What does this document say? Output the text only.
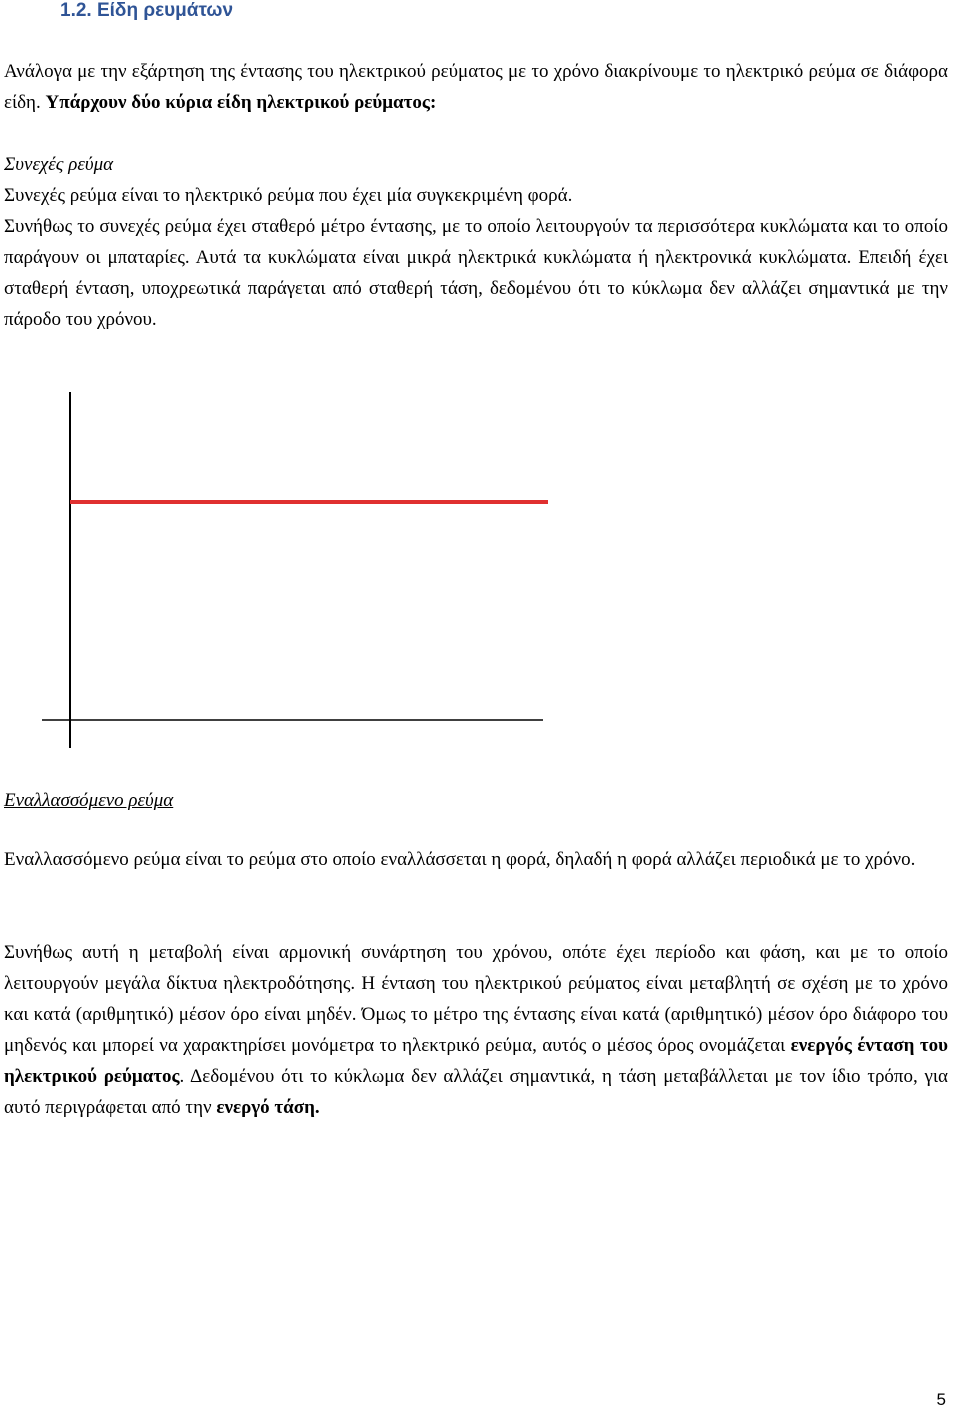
1.2. Είδη ρευμάτων

Ανάλογα με την εξάρτηση της έντασης του ηλεκτρικού ρεύματος με το χρόνο διακρίνουμε το ηλεκτρικό ρεύμα σε διάφορα είδη. Υπάρχουν δύο κύρια είδη ηλεκτρικού ρεύματος:

Συνεχές ρεύμα

Συνεχές ρεύμα είναι το ηλεκτρικό ρεύμα που έχει μία συγκεκριμένη φορά.

Συνήθως το συνεχές ρεύμα έχει σταθερό μέτρο έντασης, με το οποίο λειτουργούν τα περισσότερα κυκλώματα και το οποίο παράγουν οι μπαταρίες. Αυτά τα κυκλώματα είναι μικρά ηλεκτρικά κυκλώματα ή ηλεκτρονικά κυκλώματα. Επειδή έχει σταθερή ένταση, υποχρεωτικά παράγεται από σταθερή τάση, δεδομένου ότι το κύκλωμα δεν αλλάζει σημαντικά με την πάροδο του χρόνου.

Εναλλασσόμενο ρεύμα

Εναλλασσόμενο ρεύμα είναι το ρεύμα στο οποίο εναλλάσσεται η φορά, δηλαδή η φορά αλλάζει περιοδικά με το χρόνο.

Συνήθως αυτή η μεταβολή είναι αρμονική συνάρτηση του χρόνου, οπότε έχει περίοδο και φάση, και με το οποίο λειτουργούν μεγάλα δίκτυα ηλεκτροδότησης. Η ένταση του ηλεκτρικού ρεύματος είναι μεταβλητή σε σχέση με το χρόνο και κατά (αριθμητικό) μέσον όρο είναι μηδέν. Όμως το μέτρο της έντασης είναι κατά (αριθμητικό) μέσον όρο διάφορο του μηδενός και μπορεί να χαρακτηρίσει μονόμετρα το ηλεκτρικό ρεύμα, αυτός ο μέσος όρος ονομάζεται ενεργός ένταση του ηλεκτρικού ρεύματος. Δεδομένου ότι το κύκλωμα δεν αλλάζει σημαντικά, η τάση μεταβάλλεται με τον ίδιο τρόπο, για αυτό περιγράφεται από την ενεργό τάση.

5
